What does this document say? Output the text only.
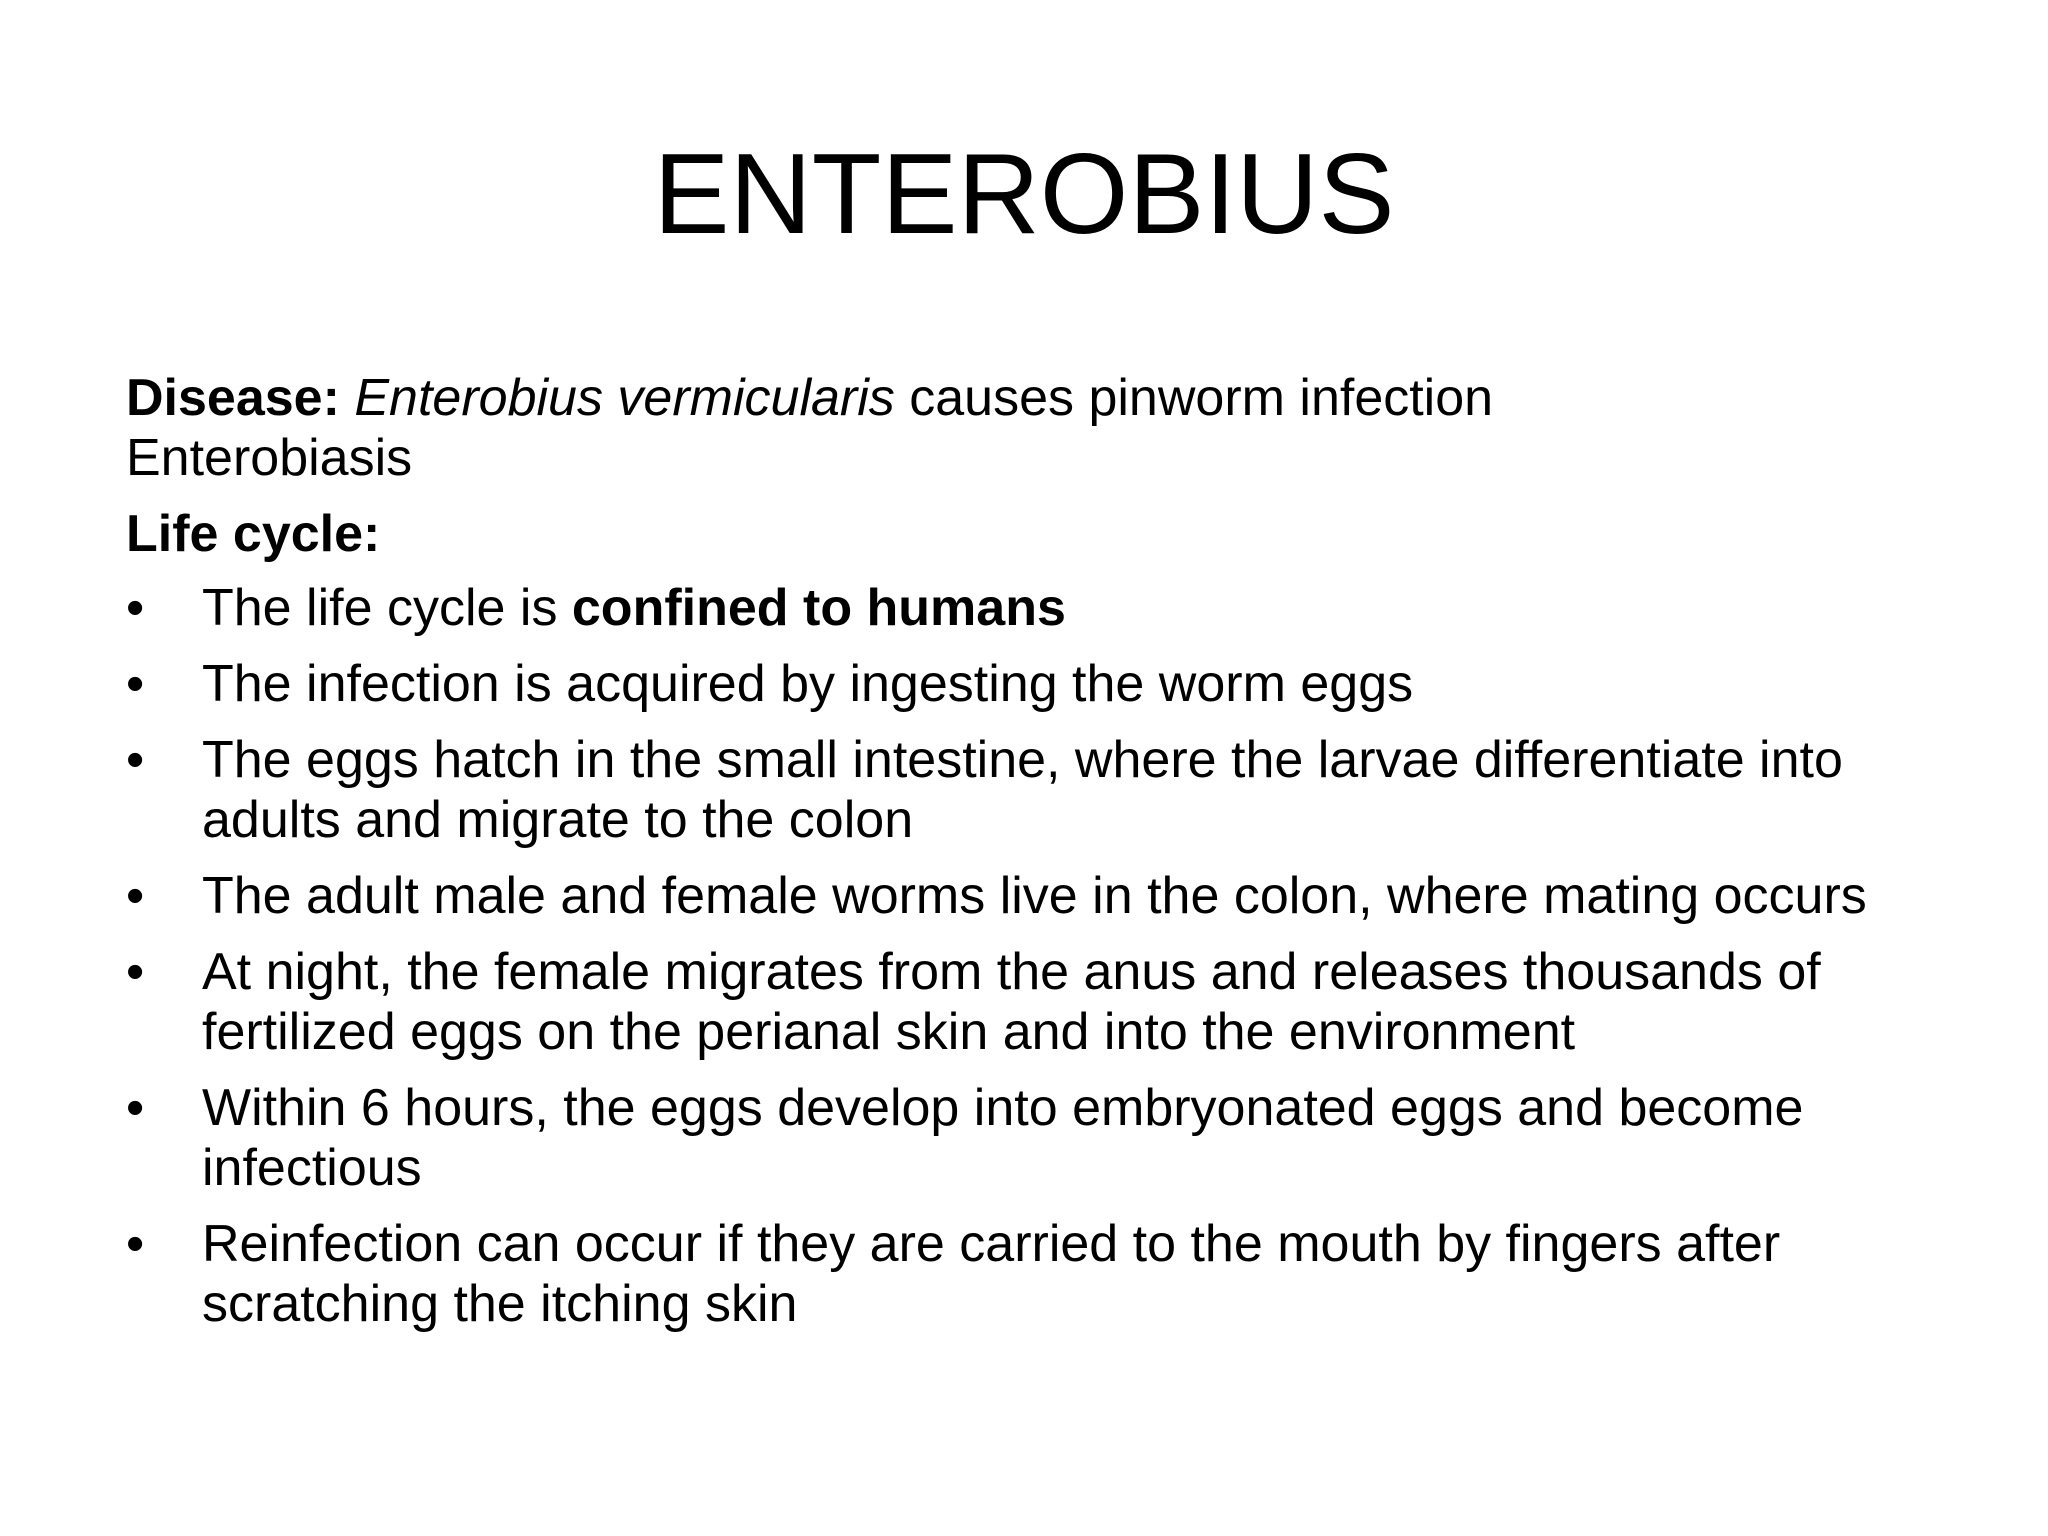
ENTEROBIUS

Disease: Enterobius vermicularis causes pinworm infection

Enterobiasis

Life cycle:

•	The life cycle is confined to humans
•	The infection is acquired by ingesting the worm eggs
•	The eggs hatch in the small intestine, where the larvae differentiate into adults and migrate to the colon
•	The adult male and female worms live in the colon, where mating occurs
•	At night, the female migrates from the anus and releases thousands of fertilized eggs on the perianal skin and into the environment
•	Within 6 hours, the eggs develop into embryonated eggs and become infectious
•	Reinfection can occur if they are carried to the mouth by fingers after scratching the itching skin
